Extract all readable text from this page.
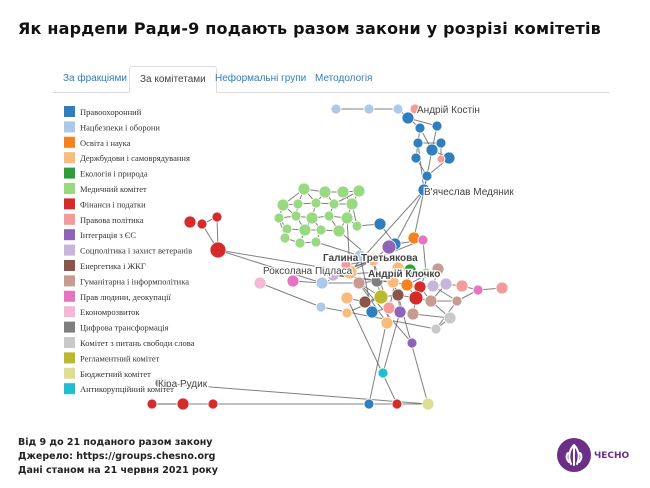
Як нардепи Ради-9 подають разом закони у розрізі комітетів
За фракціями	За комітетами Неформальні групи Методологія
Андрій Костін
В'ячеслав Медяник
Галина Третьякова
Андрій Клочко
Роксолана Підласа
Кіра Рудик
Правоохоронний
Нацбезпеки і оборони
Освіта і наука
Держбудови і самоврядування
Екологія і природа
Медичний комітет
Фінанси і податки
Правова політика
Інтеграція з ЄС
Соцполітика і захист ветеранів
Енергетика і ЖКГ
Гуманітарна і інформполітика
Прав людини, деокупації
Економрозвиток
Цифрова трансформація
Комітет з питань свободи слова
Регламентний комітет
Бюджетний комітет
Антикорупційний комітет
Від 9 до 21 поданого разом закону
Джерело: https://groups.chesno.org
Дані станом на 21 червня 2021 року
ЧЕСНО
